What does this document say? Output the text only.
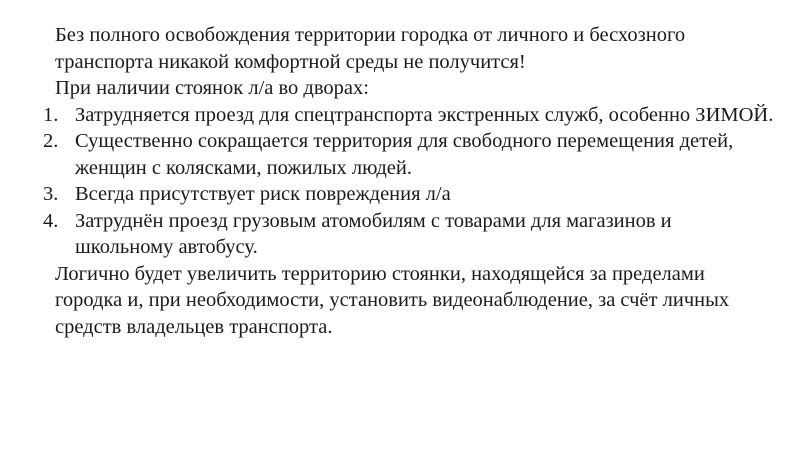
Без полного освобождения территории городка от личного и бесхозного транспорта никакой комфортной среды не получится!

При наличии стоянок л/а во дворах:

1. Затрудняется проезд для спецтранспорта экстренных служб, особенно ЗИМОЙ.
2. Существенно сокращается территория для свободного перемещения детей, женщин с колясками, пожилых людей.
3. Всегда присутствует риск повреждения л/а
4. Затруднён проезд грузовым атомобилям с товарами для магазинов и школьному автобусу.

Логично будет увеличить территорию стоянки, находящейся за пределами городка и, при необходимости, установить видеонаблюдение, за счёт личных средств владельцев транспорта.
